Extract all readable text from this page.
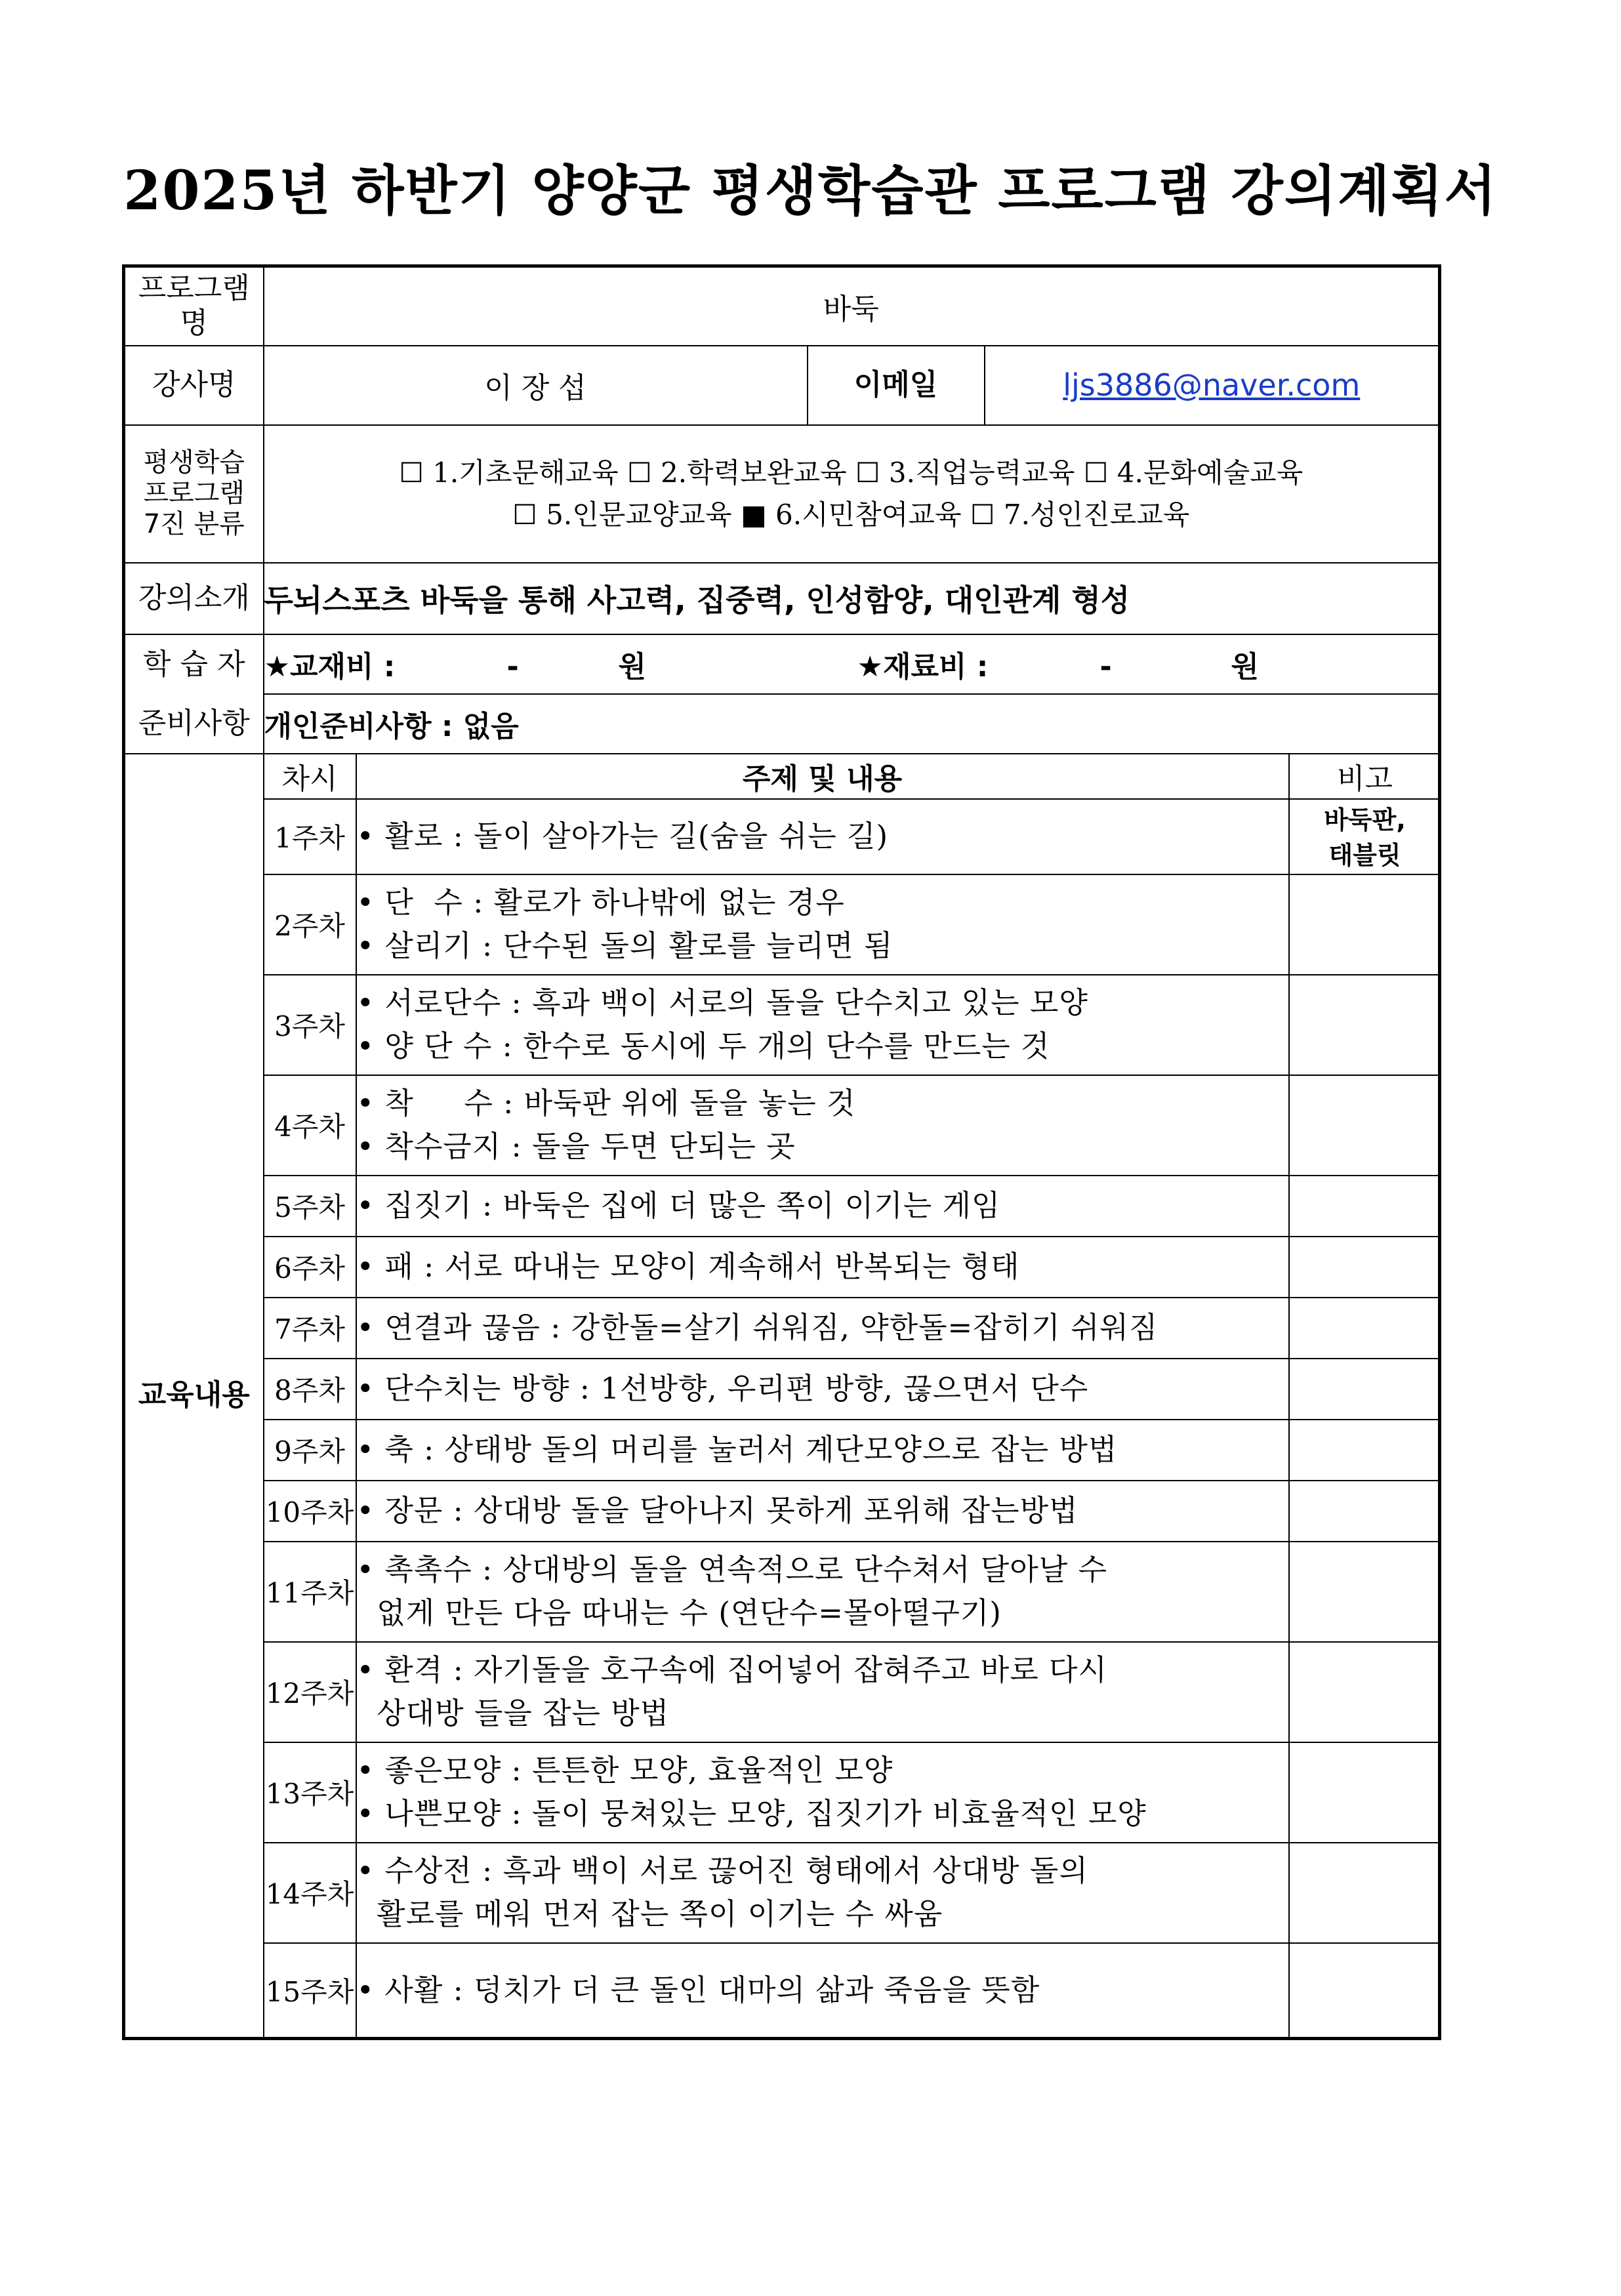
2025년 하반기 양양군 평생학습관 프로그램 강의계획서
프로그램명	바둑
강사명	이 장 섭	이메일	ljs3886@naver.com

평생학습
프로그램
7진 분류

☐ 1.기초문해교육 ☐ 2.학력보완교육 ☐ 3.직업능력교육 ☐ 4.문화예술교육
☐ 5.인문교양교육 ■ 6.시민참여교육 ☐ 7.성인진로교육

강의소개	두뇌스포츠 바둑을 통해 사고력, 집중력, 인성함양, 대인관계 형성

학 습 자
준비사항
	★교재비 :	-	원	★재료비 :	-	원
개인준비사항 : 없음
교육내용	
차시	주제 및 내용	비고
1주차	• 활로 : 돌이 살아가는 길(숨을 쉬는 길)	바둑판,
태블릿

2주차	
• 단  수 : 활로가 하나밖에 없는 경우
• 살리기 : 단수된 돌의 활로를 늘리면 됨

3주차	
• 서로단수 : 흑과 백이 서로의 돌을 단수치고 있는 모양
• 양 단 수 : 한수로 동시에 두 개의 단수를 만드는 것

4주차	
• 착     수 : 바둑판 위에 돌을 놓는 것
• 착수금지 : 돌을 두면 단되는 곳

5주차	• 집짓기 : 바둑은 집에 더 많은 쪽이 이기는 게임

6주차	• 패 : 서로 따내는 모양이 계속해서 반복되는 형태

7주차	• 연결과 끊음 : 강한돌=살기 쉬워짐, 약한돌=잡히기 쉬워짐

8주차	• 단수치는 방향 : 1선방향, 우리편 방향, 끊으면서 단수

9주차	• 축 : 상태방 돌의 머리를 눌러서 계단모양으로 잡는 방법

10주차	• 장문 : 상대방 돌을 달아나지 못하게 포위해 잡는방법

11주차	
• 촉촉수 : 상대방의 돌을 연속적으로 단수쳐서 달아날 수
없게 만든 다음 따내는 수 (연단수=몰아떨구기)

12주차	
• 환격 : 자기돌을 호구속에 집어넣어 잡혀주고 바로 다시
상대방 들을 잡는 방법

13주차	
• 좋은모양 : 튼튼한 모양, 효율적인 모양
• 나쁜모양 : 돌이 뭉쳐있는 모양, 집짓기가 비효율적인 모양

14주차	
• 수상전 : 흑과 백이 서로 끊어진 형태에서 상대방 돌의
활로를 메워 먼저 잡는 쪽이 이기는 수 싸움

15주차	• 사활 : 덩치가 더 큰 돌인 대마의 삶과 죽음을 뜻함
